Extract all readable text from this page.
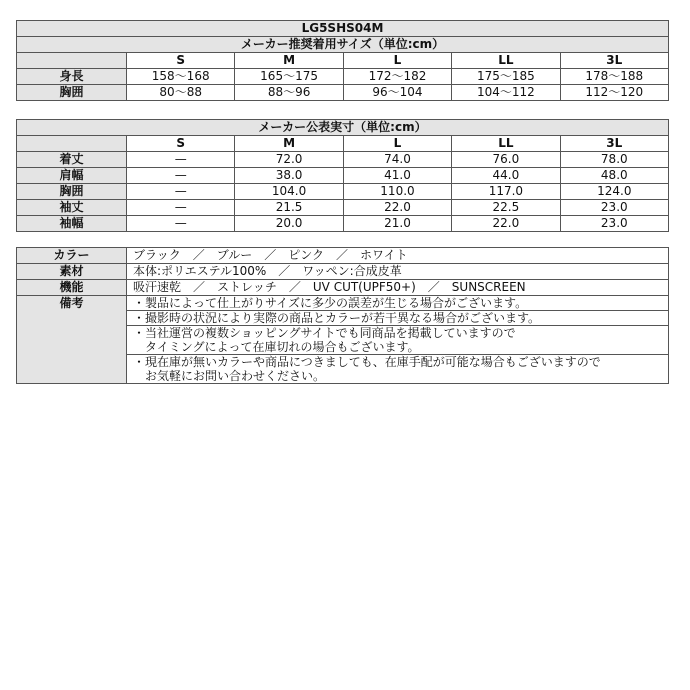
LG5SHS04M					
メーカー推奨着用サイズ（単位:cm）					
	S	M	L	LL	3L
身長	158〜168	165〜175	172〜182	175〜185	178〜188
胸囲	80〜88	88〜96	96〜104	104〜112	112〜120
メーカー公表実寸（単位:cm）					
	S	M	L	LL	3L
着丈	—	72.0	74.0	76.0	78.0
肩幅	—	38.0	41.0	44.0	48.0
胸囲	—	104.0	110.0	117.0	124.0
袖丈	—	21.5	22.0	22.5	23.0
袖幅	—	20.0	21.0	22.0	23.0
カラー	ブラック　／　ブルー　／　ピンク　／　ホワイト
素材	本体:ポリエステル100%　／　ワッペン:合成皮革
機能	吸汗速乾　／　ストレッチ　／　UV CUT(UPF50+)　／　SUNSCREEN
備考	・製品によって仕上がりサイズに多少の誤差が生じる場合がございます。
	・撮影時の状況により実際の商品とカラーが若干異なる場合がございます。
	・当社運営の複数ショッピングサイトでも同商品を掲載していますので
	　タイミングによって在庫切れの場合もございます。
	・現在庫が無いカラーや商品につきましても、在庫手配が可能な場合もございますので
	　お気軽にお問い合わせください。
